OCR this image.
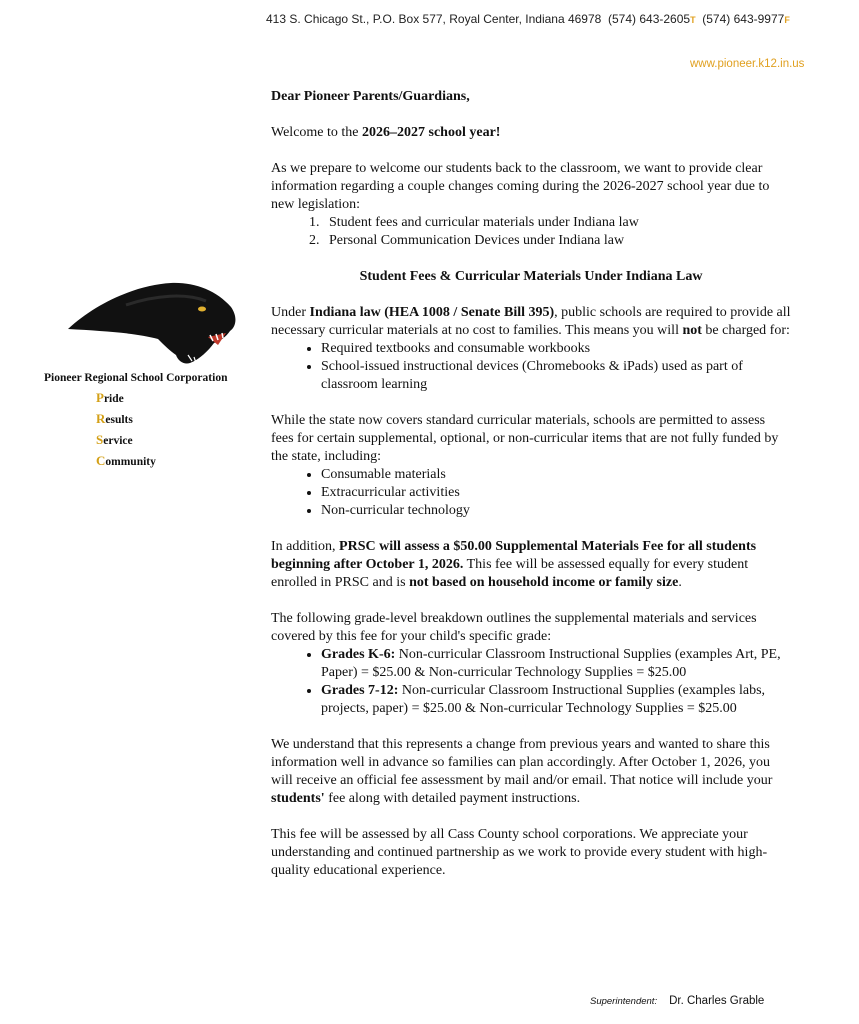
413 S. Chicago St., P.O. Box 577, Royal Center, Indiana 46978 (574) 643-2605T (574) 643-9977F
www.pioneer.k12.in.us
Pioneer Regional School Corporation
Pride
Results
Service
Community

Dear Pioneer Parents/Guardians,

Welcome to the 2026–2027 school year!

As we prepare to welcome our students back to the classroom, we want to provide clear information regarding a couple changes coming during the 2026-2027 school year due to new legislation:

1. Student fees and curricular materials under Indiana law
2. Personal Communication Devices under Indiana law

Student Fees & Curricular Materials Under Indiana Law

Under Indiana law (HEA 1008 / Senate Bill 395), public schools are required to provide all necessary curricular materials at no cost to families. This means you will not be charged for:

• Required textbooks and consumable workbooks
• School-issued instructional devices (Chromebooks & iPads) used as part of classroom learning

While the state now covers standard curricular materials, schools are permitted to assess fees for certain supplemental, optional, or non-curricular items that are not fully funded by the state, including:

• Consumable materials
• Extracurricular activities
• Non-curricular technology

In addition, PRSC will assess a $50.00 Supplemental Materials Fee for all students beginning after October 1, 2026. This fee will be assessed equally for every student enrolled in PRSC and is not based on household income or family size.

The following grade-level breakdown outlines the supplemental materials and services covered by this fee for your child's specific grade:

• Grades K-6: Non-curricular Classroom Instructional Supplies (examples Art, PE, Paper) = $25.00 & Non-curricular Technology Supplies = $25.00
• Grades 7-12: Non-curricular Classroom Instructional Supplies (examples labs, projects, paper) = $25.00 & Non-curricular Technology Supplies = $25.00

We understand that this represents a change from previous years and wanted to share this information well in advance so families can plan accordingly. After October 1, 2026, you will receive an official fee assessment by mail and/or email. That notice will include your students' fee along with detailed payment instructions.

This fee will be assessed by all Cass County school corporations. We appreciate your understanding and continued partnership as we work to provide every student with high-quality educational experience.

Superintendent: Dr. Charles Grable
